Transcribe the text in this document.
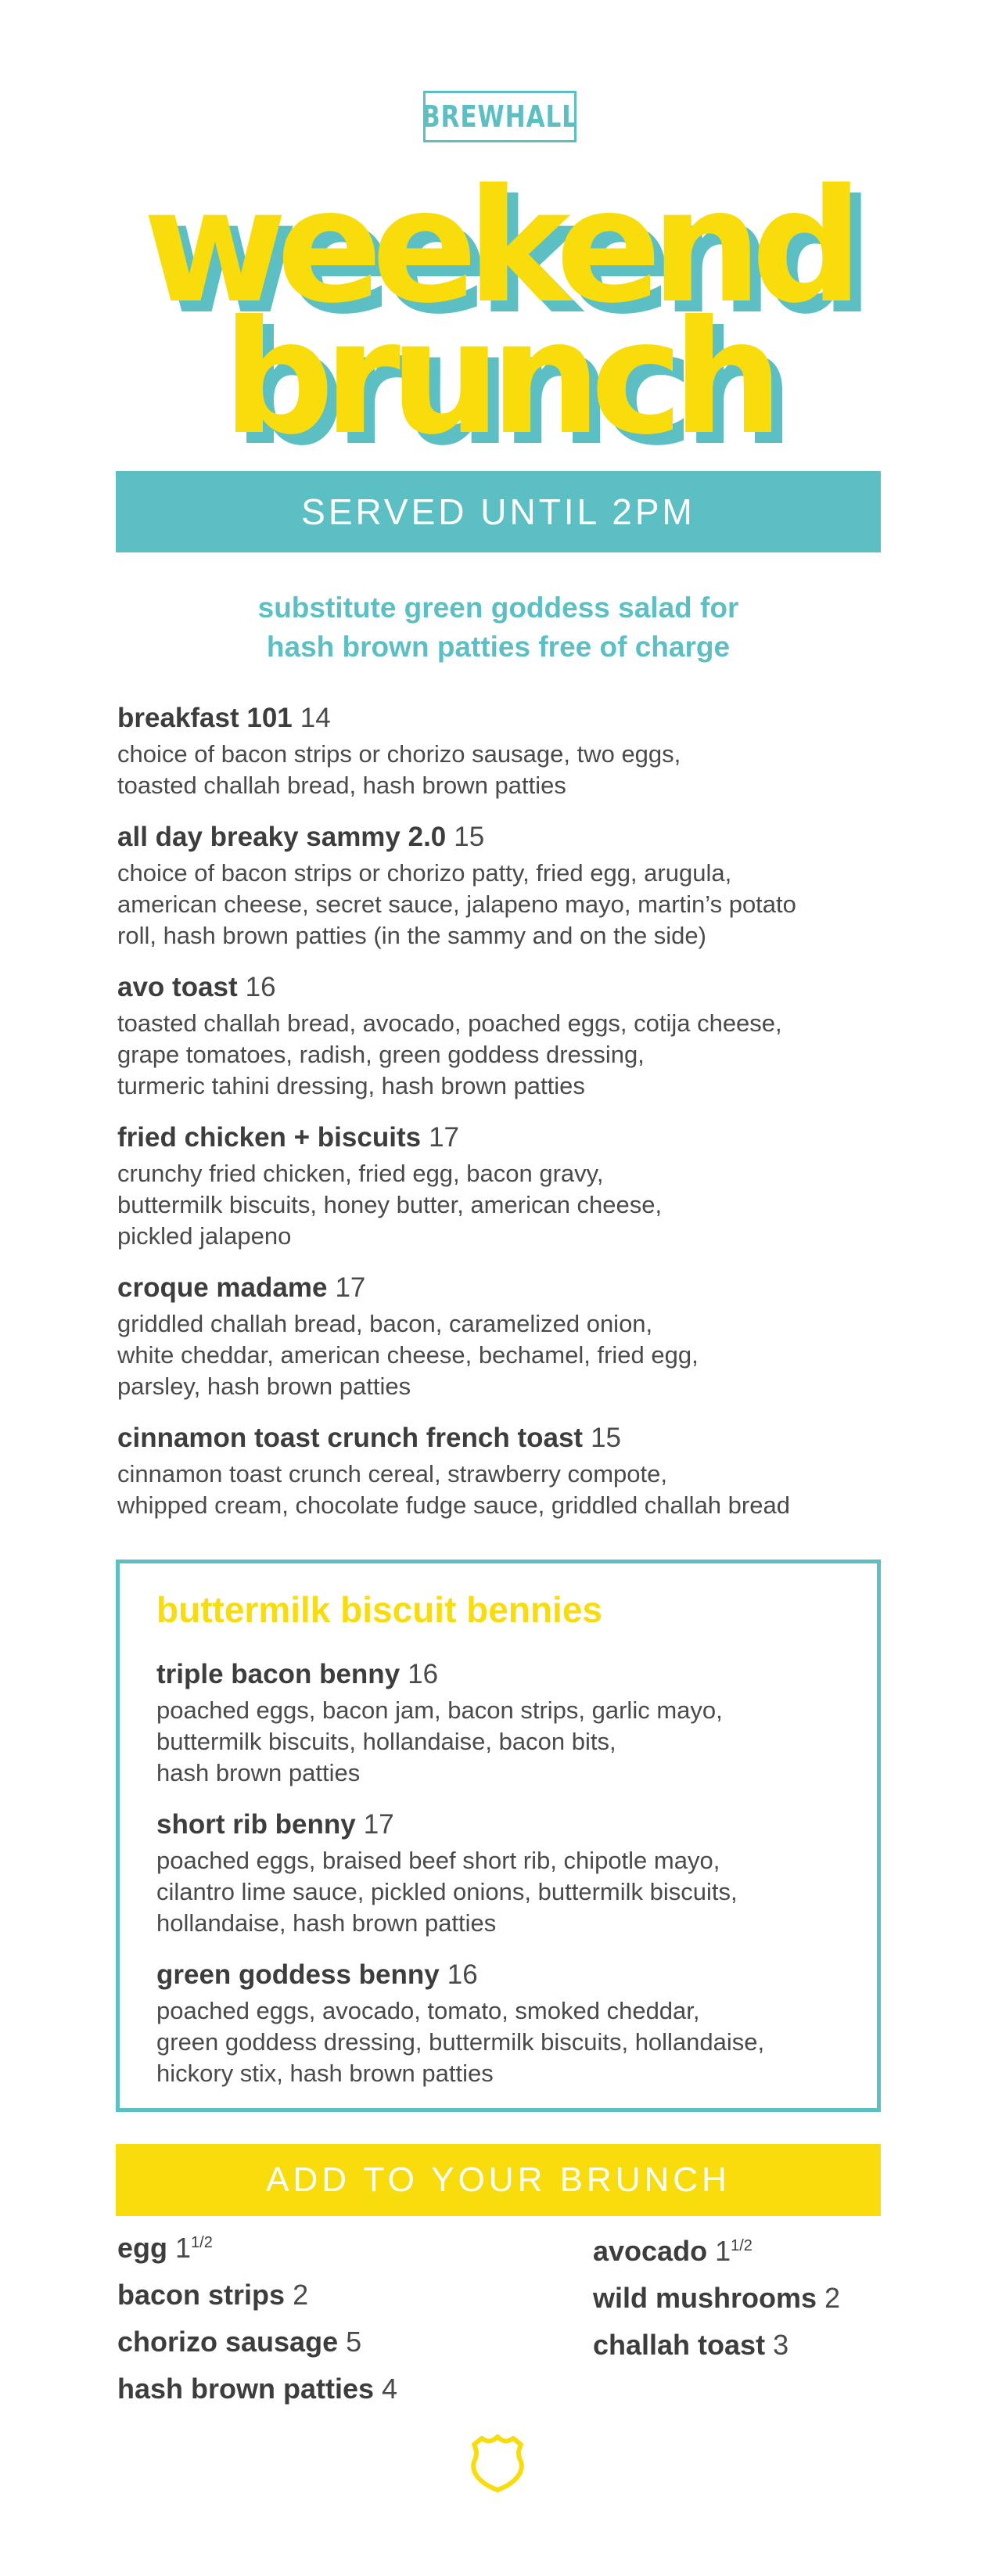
BREWHALL
weekend
brunch
SERVED UNTIL 2PM
substitute green goddess salad for
hash brown patties free of charge
breakfast 101 14
choice of bacon strips or chorizo sausage, two eggs,
toasted challah bread, hash brown patties
all day breaky sammy 2.0 15
choice of bacon strips or chorizo patty, fried egg, arugula,
american cheese, secret sauce, jalapeno mayo, martin’s potato
roll, hash brown patties (in the sammy and on the side)
avo toast 16
toasted challah bread, avocado, poached eggs, cotija cheese,
grape tomatoes, radish, green goddess dressing,
turmeric tahini dressing, hash brown patties
fried chicken + biscuits 17
crunchy fried chicken, fried egg, bacon gravy,
buttermilk biscuits, honey butter, american cheese,
pickled jalapeno
croque madame 17
griddled challah bread, bacon, caramelized onion,
white cheddar, american cheese, bechamel, fried egg,
parsley, hash brown patties
cinnamon toast crunch french toast 15
cinnamon toast crunch cereal, strawberry compote,
whipped cream, chocolate fudge sauce, griddled challah bread
triple bacon benny 16
poached eggs, bacon jam, bacon strips, garlic mayo,
buttermilk biscuits, hollandaise, bacon bits,
hash brown patties
short rib benny 17
poached eggs, braised beef short rib, chipotle mayo,
cilantro lime sauce, pickled onions, buttermilk biscuits,
hollandaise, hash brown patties
green goddess benny 16
poached eggs, avocado, tomato, smoked cheddar,
green goddess dressing, buttermilk biscuits, hollandaise,
hickory stix, hash brown patties
buttermilk biscuit bennies
ADD TO YOUR BRUNCH
egg $1^{1/2}$
bacon strips 2
chorizo sausage 5
hash brown patties 4
avocado $1^{1/2}$
wild mushrooms 2
challah toast 3
